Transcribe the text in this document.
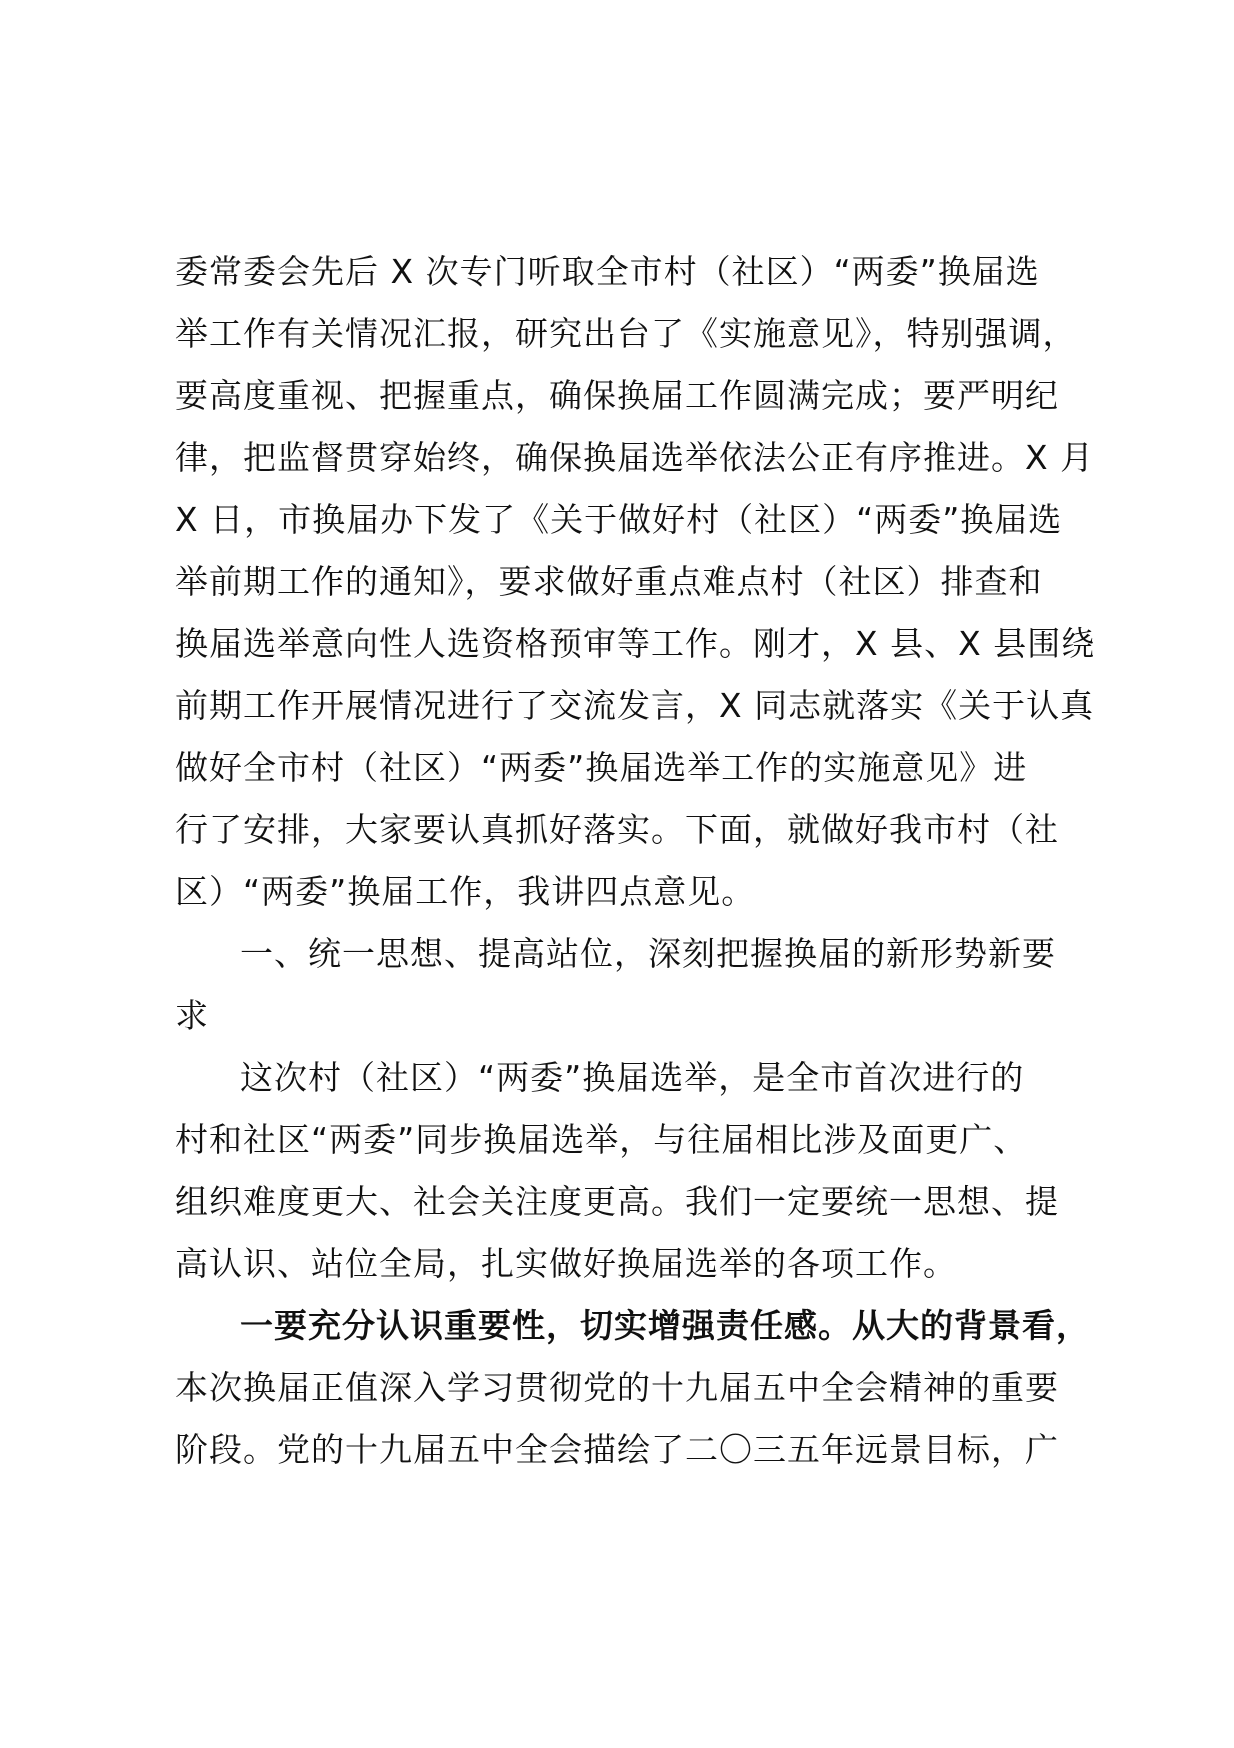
委常委会先后 X 次专门听取全市村（社区）“两委”换届选
举工作有关情况汇报，研究出台了《实施意见》，特别强调，
要高度重视、把握重点，确保换届工作圆满完成；要严明纪
律，把监督贯穿始终，确保换届选举依法公正有序推进。X 月
X 日，市换届办下发了《关于做好村（社区）“两委”换届选
举前期工作的通知》，要求做好重点难点村（社区）排查和
换届选举意向性人选资格预审等工作。刚才，X 县、X 县围绕
前期工作开展情况进行了交流发言，X 同志就落实《关于认真
做好全市村（社区）“两委”换届选举工作的实施意见》进
行了安排，大家要认真抓好落实。下面，就做好我市村（社
区）“两委”换届工作，我讲四点意见。
一、统一思想、提高站位，深刻把握换届的新形势新要
求
这次村（社区）“两委”换届选举，是全市首次进行的
村和社区“两委”同步换届选举，与往届相比涉及面更广、
组织难度更大、社会关注度更高。我们一定要统一思想、提
高认识、站位全局，扎实做好换届选举的各项工作。
一要充分认识重要性，切实增强责任感。从大的背景看，
本次换届正值深入学习贯彻党的十九届五中全会精神的重要
阶段。党的十九届五中全会描绘了二〇三五年远景目标，广
